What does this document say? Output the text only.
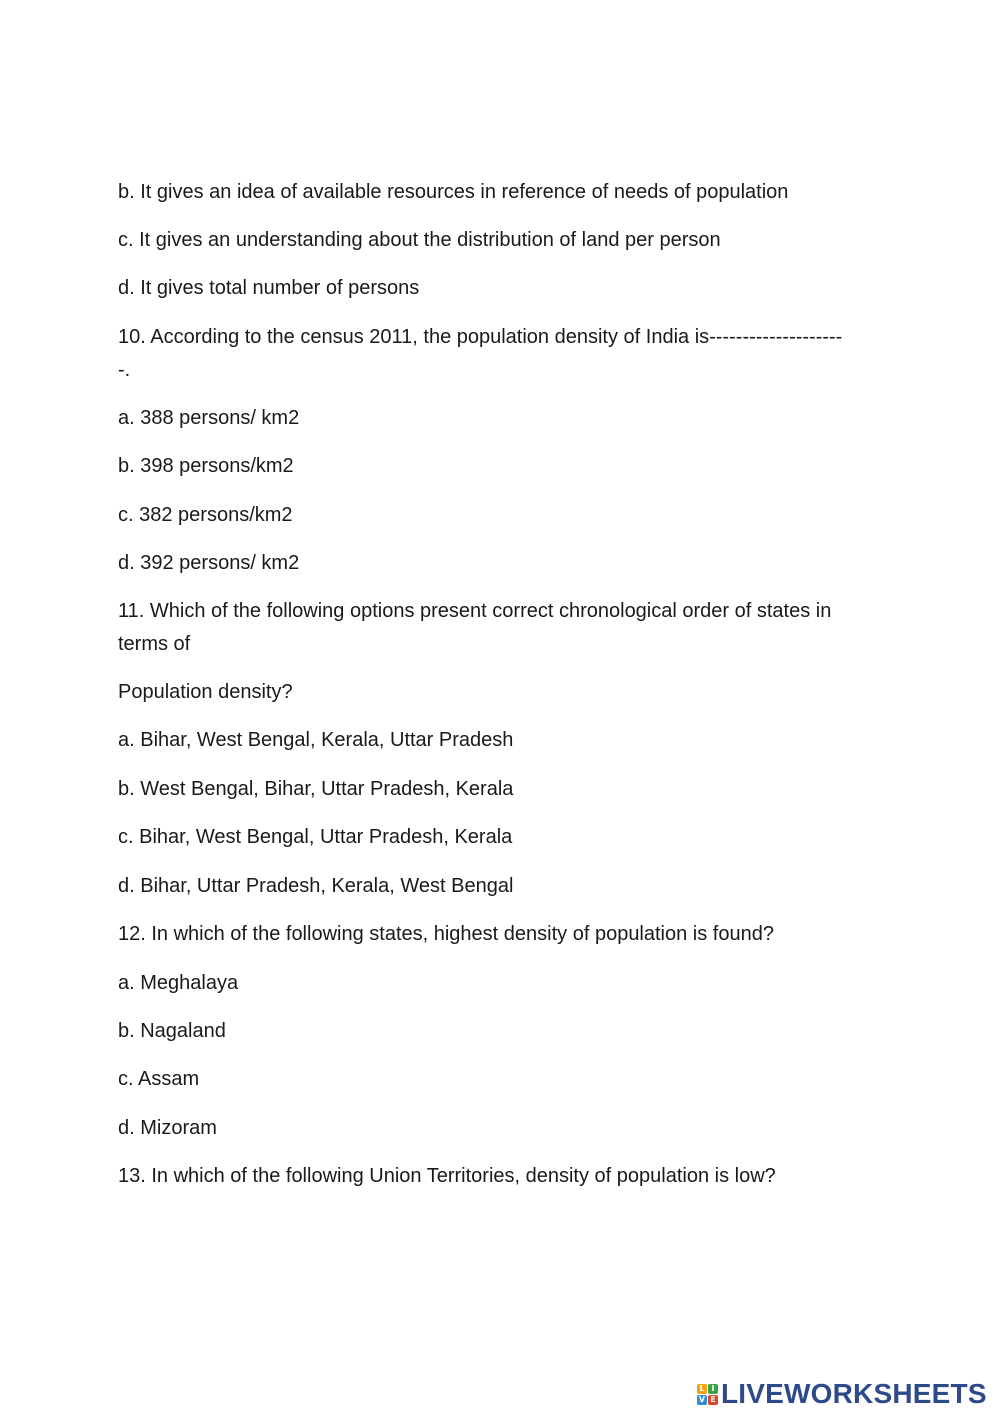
b. It gives an idea of available resources in reference of needs of population
c. It gives an understanding about the distribution of land per person
d. It gives total number of persons
10. According to the census 2011, the population density of India is--------------------
-.
a. 388 persons/ km2
b. 398 persons/km2
c. 382 persons/km2
d. 392 persons/ km2
11. Which of the following options present correct chronological order of states in
terms of
Population density?
a. Bihar, West Bengal, Kerala, Uttar Pradesh
b. West Bengal, Bihar, Uttar Pradesh, Kerala
c. Bihar, West Bengal, Uttar Pradesh, Kerala
d. Bihar, Uttar Pradesh, Kerala, West Bengal
12. In which of the following states, highest density of population is found?
a. Meghalaya
b. Nagaland
c. Assam
d. Mizoram
13. In which of the following Union Territories, density of population is low?
L I
V E LIVEWORKSHEETS
